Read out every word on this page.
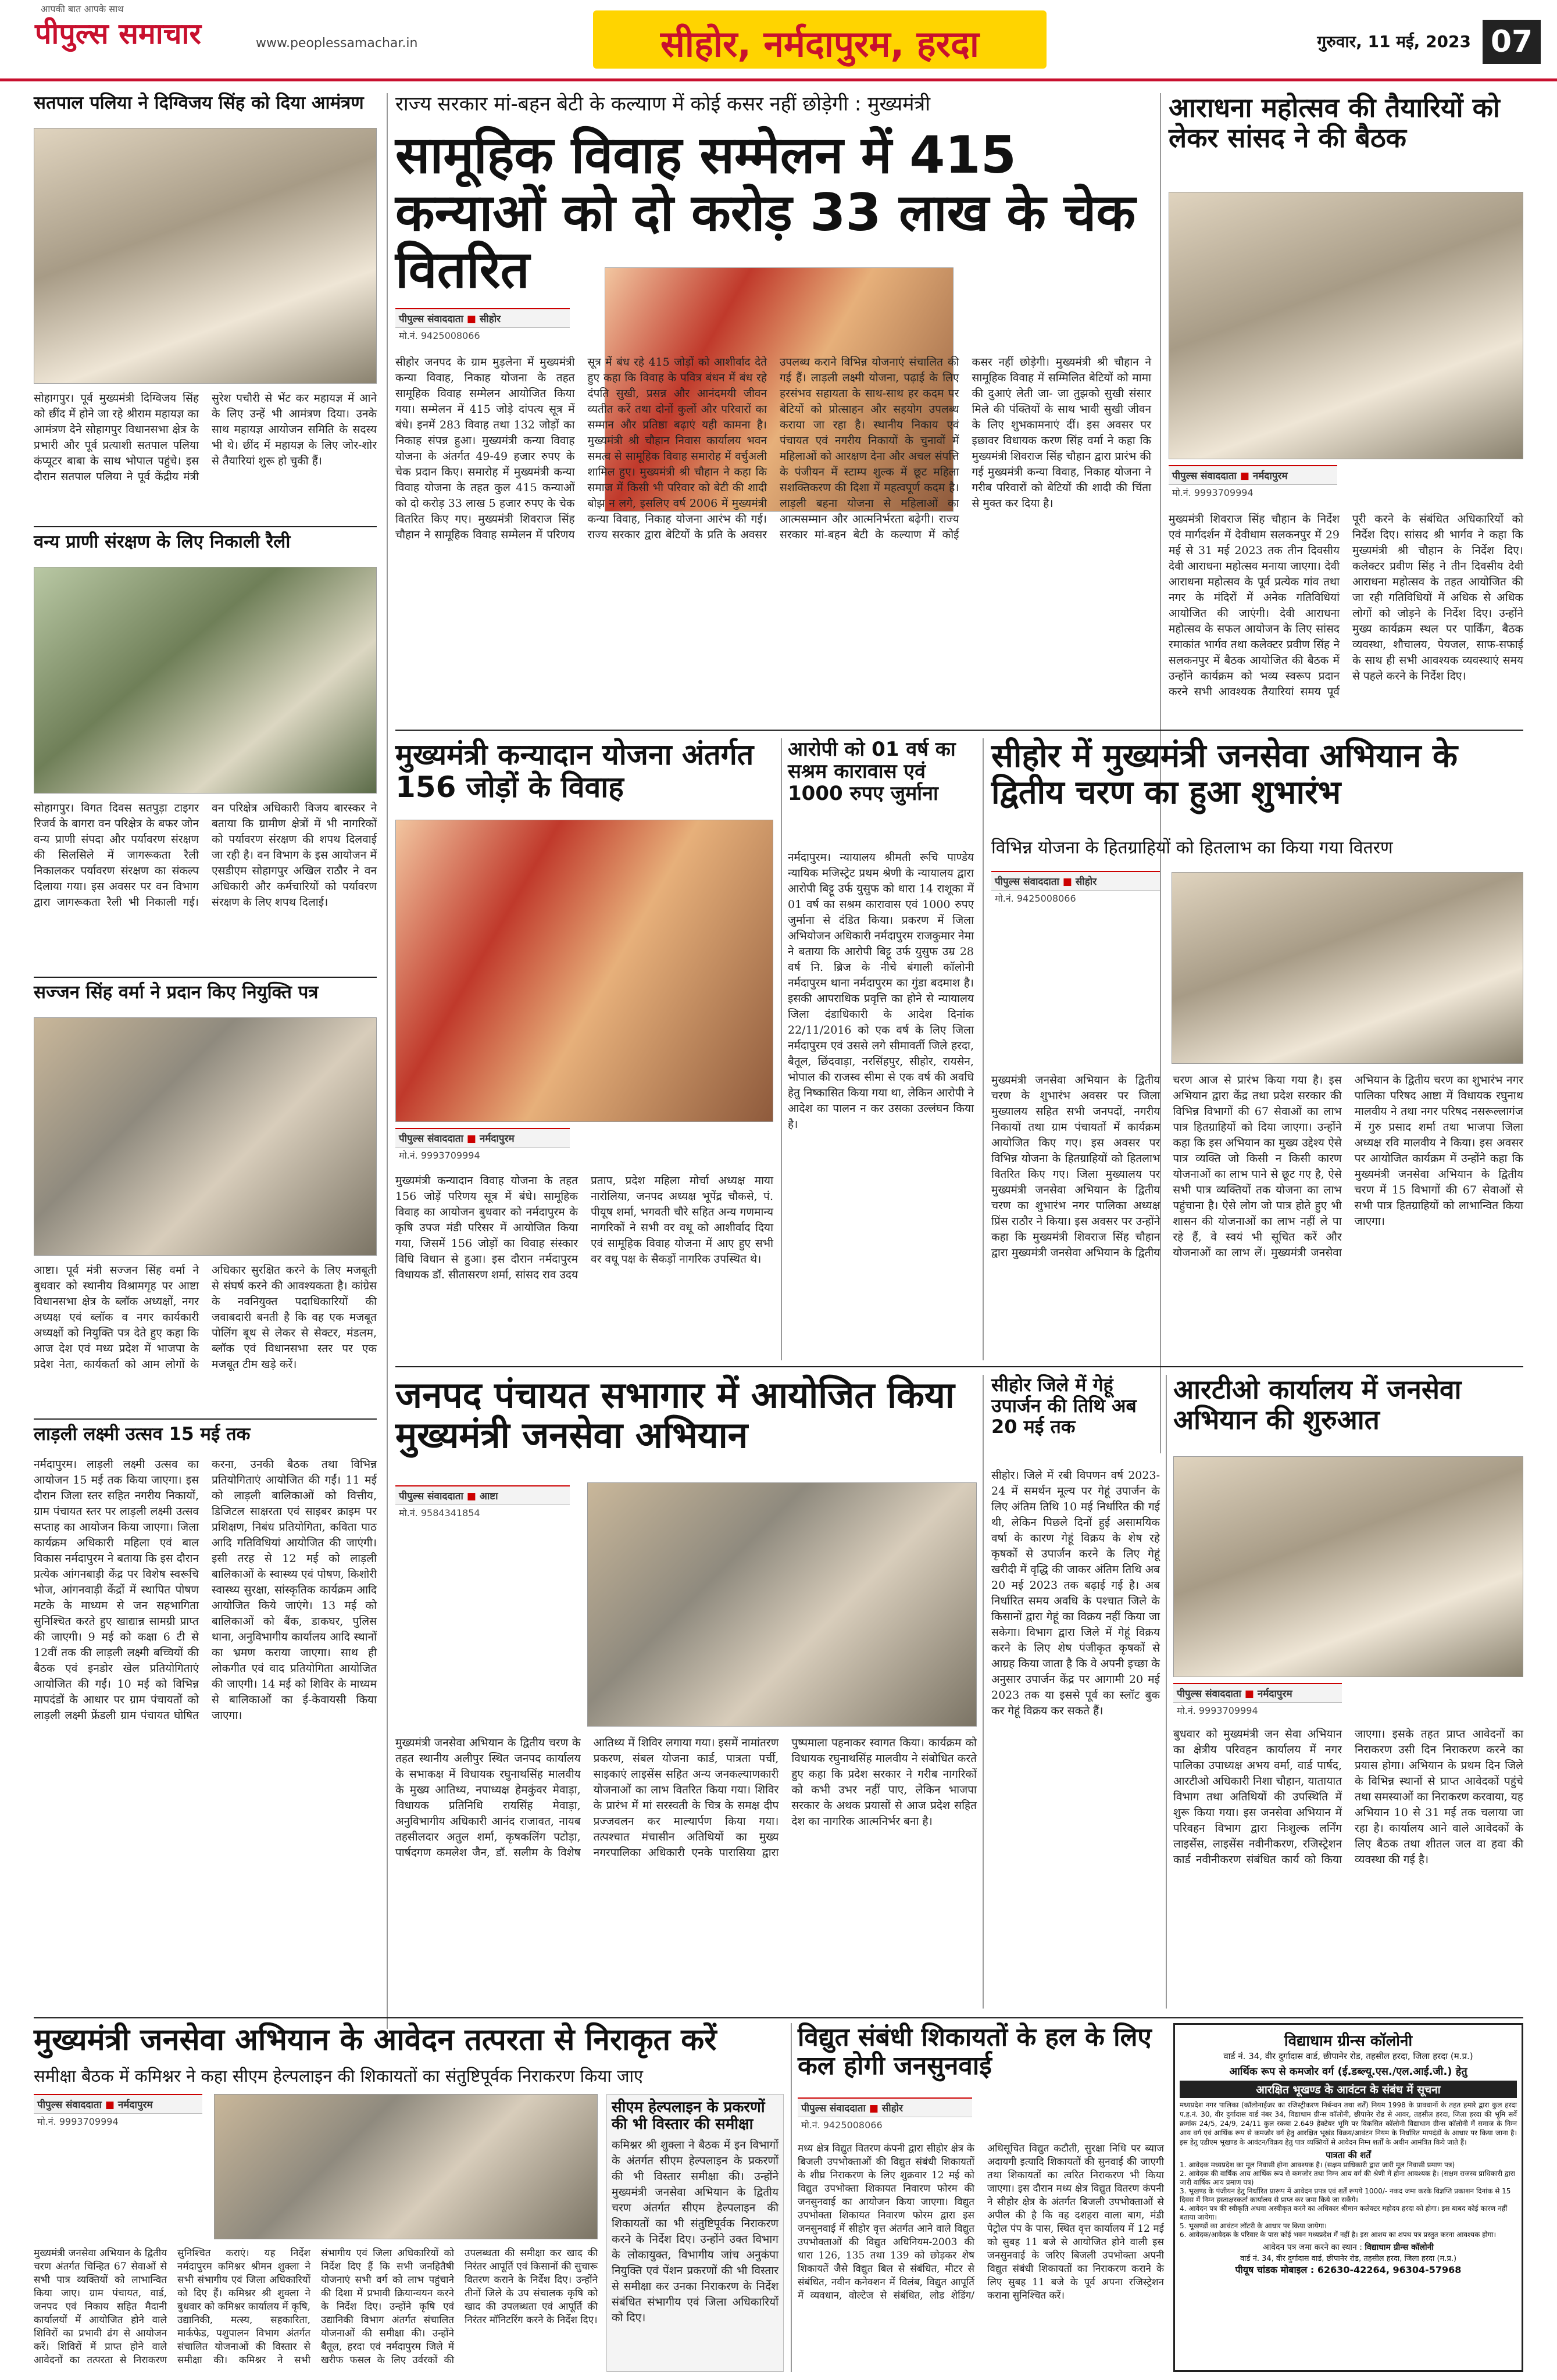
आपकी बात आपके साथ
पीपुल्स समाचार	www.peoplessamachar.in	सीहोर, नर्मदापुरम, हरदा	गुरुवार, 11 मई, 2023 07
सतपाल पलिया ने दिग्विजय सिंह को दिया आमंत्रण
सोहागपुर। पूर्व मुख्यमंत्री दिग्विजय सिंह को छींद में होने जा रहे श्रीराम महायज्ञ का आमंत्रण देने सोहागपुर विधानसभा क्षेत्र के प्रभारी और पूर्व प्रत्याशी सतपाल पलिया कंप्यूटर बाबा के साथ भोपाल पहुंचे। इस दौरान सतपाल पलिया ने पूर्व केंद्रीय मंत्री सुरेश पचौरी से भेंट कर महायज्ञ में आने के लिए उन्हें भी आमंत्रण दिया। उनके साथ महायज्ञ आयोजन समिति के सदस्य भी थे। छींद में महायज्ञ के लिए जोर-शोर से तैयारियां शुरू हो चुकी हैं।
वन्य प्राणी संरक्षण के लिए निकाली रैली
सोहागपुर। विगत दिवस सतपुड़ा टाइगर रिजर्व के बागरा वन परिक्षेत्र के बफर जोन वन्य प्राणी संपदा और पर्यावरण संरक्षण की सिलसिले में जागरूकता रैली निकालकर पर्यावरण संरक्षण का संकल्प दिलाया गया। इस अवसर पर वन विभाग द्वारा जागरूकता रैली भी निकाली गई। वन परिक्षेत्र अधिकारी विजय बारस्कर ने बताया कि ग्रामीण क्षेत्रों में भी नागरिकों को पर्यावरण संरक्षण की शपथ दिलवाई जा रही है। वन विभाग के इस आयोजन में एसडीएम सोहागपुर अखिल राठौर ने वन अधिकारी और कर्मचारियों को पर्यावरण संरक्षण के लिए शपथ दिलाई।
सज्जन सिंह वर्मा ने प्रदान किए नियुक्ति पत्र
आष्टा। पूर्व मंत्री सज्जन सिंह वर्मा ने बुधवार को स्थानीय विश्रामगृह पर आष्टा विधानसभा क्षेत्र के ब्लॉक अध्यक्षों, नगर अध्यक्ष एवं ब्लॉक व नगर कार्यकारी अध्यक्षों को नियुक्ति पत्र देते हुए कहा कि आज देश एवं मध्य प्रदेश में भाजपा के प्रदेश नेता, कार्यकर्ता को आम लोगों के अधिकार सुरक्षित करने के लिए मजबूती से संघर्ष करने की आवश्यकता है। कांग्रेस के नवनियुक्त पदाधिकारियों की जवाबदारी बनती है कि वह एक मजबूत पोलिंग बूथ से लेकर से सेक्टर, मंडलम, ब्लॉक एवं विधानसभा स्तर पर एक मजबूत टीम खड़े करें।
लाड़ली लक्ष्मी उत्सव 15 मई तक
नर्मदापुरम। लाड़ली लक्ष्मी उत्सव का आयोजन 15 मई तक किया जाएगा। इस दौरान जिला स्तर सहित नगरीय निकायों, ग्राम पंचायत स्तर पर लाड़ली लक्ष्मी उत्सव सप्ताह का आयोजन किया जाएगा। जिला कार्यक्रम अधिकारी महिला एवं बाल विकास नर्मदापुरम ने बताया कि इस दौरान प्रत्येक आंगनबाड़ी केंद्र पर विशेष स्वरूचि भोज, आंगनवाड़ी केंद्रों में स्थापित पोषण मटके के माध्यम से जन सहभागिता सुनिश्चित करते हुए खाद्यान्न सामग्री प्राप्त की जाएगी। 9 मई को कक्षा 6 टी से 12वीं तक की लाड़ली लक्ष्मी बच्चियों की बैठक एवं इनडोर खेल प्रतियोगिताएं आयोजित की गईं। 10 मई को विभिन्न मापदंडों के आधार पर ग्राम पंचायतों को लाड़ली लक्ष्मी फ्रेंडली ग्राम पंचायत घोषित करना, उनकी बैठक तथा विभिन्न प्रतियोगिताएं आयोजित की गईं। 11 मई को लाड़ली बालिकाओं को वित्तीय, डिजिटल साक्षरता एवं साइबर क्राइम पर प्रशिक्षण, निबंध प्रतियोगिता, कविता पाठ आदि गतिविधियां आयोजित की जाएंगी। इसी तरह से 12 मई को लाड़ली बालिकाओं के स्वास्थ्य एवं पोषण, किशोरी स्वास्थ्य सुरक्षा, सांस्कृतिक कार्यक्रम आदि आयोजित किये जाएंगे। 13 मई को बालिकाओं को बैंक, डाकघर, पुलिस थाना, अनुविभागीय कार्यालय आदि स्थानों का भ्रमण कराया जाएगा। साथ ही लोकगीत एवं वाद प्रतियोगिता आयोजित की जाएगी। 14 मई को शिविर के माध्यम से बालिकाओं का ई-केवायसी किया जाएगा।
राज्य सरकार मां-बहन बेटी के कल्याण में कोई कसर नहीं छोड़ेगी : मुख्यमंत्री
सामूहिक विवाह सम्मेलन में 415 कन्याओं को दो करोड़ 33 लाख के चेक वितरित
पीपुल्स संवाददाता ■ सीहोर
मो.नं. 9425008066
सीहोर जनपद के ग्राम मुड़लेना में मुख्यमंत्री कन्या विवाह, निकाह योजना के तहत सामूहिक विवाह सम्मेलन आयोजित किया गया। सम्मेलन में 415 जोड़े दांपत्य सूत्र में बंधे। इनमें 283 विवाह तथा 132 जोड़ों का निकाह संपन्न हुआ। मुख्यमंत्री कन्या विवाह योजना के अंतर्गत 49-49 हजार रुपए के चेक प्रदान किए। समारोह में मुख्यमंत्री कन्या विवाह योजना के तहत कुल 415 कन्याओं को दो करोड़ 33 लाख 5 हजार रुपए के चेक वितरित किए गए। मुख्यमंत्री शिवराज सिंह चौहान ने सामूहिक विवाह सम्मेलन में परिणय सूत्र में बंध रहे 415 जोड़ों को आशीर्वाद देते हुए कहा कि विवाह के पवित्र बंधन में बंध रहे दंपति सुखी, प्रसन्न और आनंदमयी जीवन व्यतीत करें तथा दोनों कुलों और परिवारों का सम्मान और प्रतिष्ठा बढ़ाएं यही कामना है। मुख्यमंत्री श्री चौहान निवास कार्यालय भवन समत्व से सामूहिक विवाह समारोह में वर्चुअली शामिल हुए। मुख्यमंत्री श्री चौहान ने कहा कि समाज में किसी भी परिवार को बेटी की शादी बोझ न लगे, इसलिए वर्ष 2006 में मुख्यमंत्री कन्या विवाह, निकाह योजना आरंभ की गई। राज्य सरकार द्वारा बेटियों के प्रति के अवसर उपलब्ध कराने विभिन्न योजनाएं संचालित की गई हैं। लाड़ली लक्ष्मी योजना, पढ़ाई के लिए हरसंभव सहायता के साथ-साथ हर कदम पर बेटियों को प्रोत्साहन और सहयोग उपलब्ध कराया जा रहा है। स्थानीय निकाय एवं पंचायत एवं नगरीय निकायों के चुनावों में महिलाओं को आरक्षण देना और अचल संपत्ति के पंजीयन में स्टाम्प शुल्क में छूट महिला सशक्तिकरण की दिशा में महत्वपूर्ण कदम है। लाड़ली बहना योजना से महिलाओं का आत्मसम्मान और आत्मनिर्भरता बढ़ेगी। राज्य सरकार मां-बहन बेटी के कल्याण में कोई कसर नहीं छोड़ेगी। मुख्यमंत्री श्री चौहान ने सामूहिक विवाह में सम्मिलित बेटियों को मामा की दुआएं लेती जा- जा तुझको सुखी संसार मिले की पंक्तियों के साथ भावी सुखी जीवन के लिए शुभकामनाएं दीं। इस अवसर पर इछावर विधायक करण सिंह वर्मा ने कहा कि मुख्यमंत्री शिवराज सिंह चौहान द्वारा प्रारंभ की गई मुख्यमंत्री कन्या विवाह, निकाह योजना ने गरीब परिवारों को बेटियों की शादी की चिंता से मुक्त कर दिया है।
आराधना महोत्सव की तैयारियों को लेकर सांसद ने की बैठक
पीपुल्स संवाददाता ■ नर्मदापुरम
मो.नं. 9993709994
मुख्यमंत्री शिवराज सिंह चौहान के निर्देश एवं मार्गदर्शन में देवीधाम सलकनपुर में 29 मई से 31 मई 2023 तक तीन दिवसीय देवी आराधना महोत्सव मनाया जाएगा। देवी आराधना महोत्सव के पूर्व प्रत्येक गांव तथा नगर के मंदिरों में अनेक गतिविधियां आयोजित की जाएंगी। देवी आराधना महोत्सव के सफल आयोजन के लिए सांसद रमाकांत भार्गव तथा कलेक्टर प्रवीण सिंह ने सलकनपुर में बैठक आयोजित की बैठक में उन्होंने कार्यक्रम को भव्य स्वरूप प्रदान करने सभी आवश्यक तैयारियां समय पूर्व पूरी करने के संबंधित अधिकारियों को निर्देश दिए। सांसद श्री भार्गव ने कहा कि मुख्यमंत्री श्री चौहान के निर्देश दिए। कलेक्टर प्रवीण सिंह ने तीन दिवसीय देवी आराधना महोत्सव के तहत आयोजित की जा रही गतिविधियों में अधिक से अधिक लोगों को जोड़ने के निर्देश दिए। उन्होंने मुख्य कार्यक्रम स्थल पर पार्किंग, बैठक व्यवस्था, शौचालय, पेयजल, साफ-सफाई के साथ ही सभी आवश्यक व्यवस्थाएं समय से पहले करने के निर्देश दिए।
मुख्यमंत्री कन्यादान योजना अंतर्गत 156 जोड़ों के विवाह
पीपुल्स संवाददाता ■ नर्मदापुरम
मो.नं. 9993709994
मुख्यमंत्री कन्यादान विवाह योजना के तहत 156 जोड़ें परिणय सूत्र में बंधे। सामूहिक विवाह का आयोजन बुधवार को नर्मदापुरम के कृषि उपज मंडी परिसर में आयोजित किया गया, जिसमें 156 जोड़ों का विवाह संस्कार विधि विधान से हुआ। इस दौरान नर्मदापुरम विधायक डॉ. सीतासरण शर्मा, सांसद राव उदय प्रताप, प्रदेश महिला मोर्चा अध्यक्ष माया नारोलिया, जनपद अध्यक्ष भूपेंद्र चौकसे, पं. पीयूष शर्मा, भगवती चौरे सहित अन्य गणमान्य नागरिकों ने सभी वर वधू को आशीर्वाद दिया एवं सामूहिक विवाह योजना में आए हुए सभी वर वधू पक्ष के सैकड़ों नागरिक उपस्थित थे।
आरोपी को 01 वर्ष का सश्रम कारावास एवं 1000 रुपए जुर्माना
नर्मदापुरम। न्यायालय श्रीमती रूचि पाण्डेय न्यायिक मजिस्ट्रेट प्रथम श्रेणी के न्यायालय द्वारा आरोपी बिट्टू उर्फ युसुफ को धारा 14 राशूका में 01 वर्ष का सश्रम कारावास एवं 1000 रुपए जुर्माना से दंडित किया। प्रकरण में जिला अभियोजन अधिकारी नर्मदापुरम राजकुमार नेमा ने बताया कि आरोपी बिट्टू उर्फ युसुफ उम्र 28 वर्ष नि. ब्रिज के नीचे बंगाली कॉलोनी नर्मदापुरम थाना नर्मदापुरम का गुंडा बदमाश है। इसकी आपराधिक प्रवृत्ति का होने से न्यायालय जिला दंडाधिकारी के आदेश दिनांक 22/11/2016 को एक वर्ष के लिए जिला नर्मदापुरम एवं उससे लगे सीमावर्ती जिले हरदा, बैतूल, छिंदवाड़ा, नरसिंहपुर, सीहोर, रायसेन, भोपाल की राजस्व सीमा से एक वर्ष की अवधि हेतु निष्कासित किया गया था, लेकिन आरोपी ने आदेश का पालन न कर उसका उल्लंघन किया है।
सीहोर में मुख्यमंत्री जनसेवा अभियान के द्वितीय चरण का हुआ शुभारंभ
विभिन्न योजना के हितग्राहियों को हितलाभ का किया गया वितरण
पीपुल्स संवाददाता ■ सीहोर
मो.नं. 9425008066
मुख्यमंत्री जनसेवा अभियान के द्वितीय चरण के शुभारंभ अवसर पर जिला मुख्यालय सहित सभी जनपदों, नगरीय निकायों तथा ग्राम पंचायतों में कार्यक्रम आयोजित किए गए। इस अवसर पर विभिन्न योजना के हितग्राहियों को हितलाभ वितरित किए गए। जिला मुख्यालय पर मुख्यमंत्री जनसेवा अभियान के द्वितीय चरण का शुभारंभ नगर पालिका अध्यक्ष प्रिंस राठौर ने किया। इस अवसर पर उन्होंने कहा कि मुख्यमंत्री शिवराज सिंह चौहान द्वारा मुख्यमंत्री जनसेवा अभियान के द्वितीय चरण आज से प्रारंभ किया गया है। इस अभियान द्वारा केंद्र तथा प्रदेश सरकार की विभिन्न विभागों की 67 सेवाओं का लाभ पात्र हितग्राहियों को दिया जाएगा। उन्होंने कहा कि इस अभियान का मुख्य उद्देश्य ऐसे पात्र व्यक्ति जो किसी न किसी कारण योजनाओं का लाभ पाने से छूट गए है, ऐसे सभी पात्र व्यक्तियों तक योजना का लाभ पहुंचाना है। ऐसे लोग जो पात्र होते हुए भी शासन की योजनाओं का लाभ नहीं ले पा रहे हैं, वे स्वयं भी सूचित करें और योजनाओं का लाभ लें। मुख्यमंत्री जनसेवा अभियान के द्वितीय चरण का शुभारंभ नगर पालिका परिषद आष्टा में विधायक रघुनाथ मालवीय ने तथा नगर परिषद नसरूल्लागंज में गुरु प्रसाद शर्मा तथा भाजपा जिला अध्यक्ष रवि मालवीय ने किया। इस अवसर पर आयोजित कार्यक्रम में उन्होंने कहा कि मुख्यमंत्री जनसेवा अभियान के द्वितीय चरण में 15 विभागों की 67 सेवाओं से सभी पात्र हितग्राहियों को लाभान्वित किया जाएगा।
जनपद पंचायत सभागार में आयोजित किया मुख्यमंत्री जनसेवा अभियान
पीपुल्स संवाददाता ■ आष्टा
मो.नं. 9584341854
मुख्यमंत्री जनसेवा अभियान के द्वितीय चरण के तहत स्थानीय अलीपुर स्थित जनपद कार्यालय के सभाकक्ष में विधायक रघुनाथसिंह मालवीय के मुख्य आतिथ्य, नपाध्यक्ष हेमकुंवर मेवाड़ा, विधायक प्रतिनिधि रायसिंह मेवाड़ा, अनुविभागीय अधिकारी आनंद राजावत, नायब तहसीलदार अतुल शर्मा, कृषकलिंग पटोड़ा, पार्षदगण कमलेश जैन, डॉ. सलीम के विशेष आतिथ्य में शिविर लगाया गया। इसमें नामांतरण प्रकरण, संबल योजना कार्ड, पात्रता पर्ची, साइकाएं लाइसेंस सहित अन्य जनकल्याणकारी योजनाओं का लाभ वितरित किया गया। शिविर के प्रारंभ में मां सरस्वती के चित्र के समक्ष दीप प्रज्जवलन कर माल्यार्पण किया गया। तत्पश्चात मंचासीन अतिथियों का मुख्य नगरपालिका अधिकारी एनके पारासिया द्वारा पुष्पमाला पहनाकर स्वागत किया। कार्यक्रम को विधायक रघुनाथसिंह मालवीय ने संबोधित करते हुए कहा कि प्रदेश सरकार ने गरीब नागरिकों को कभी उभर नहीं पाए, लेकिन भाजपा सरकार के अथक प्रयासों से आज प्रदेश सहित देश का नागरिक आत्मनिर्भर बना है।
सीहोर जिले में गेहूं उपार्जन की तिथि अब 20 मई तक
सीहोर। जिले में रबी विपणन वर्ष 2023-24 में समर्थन मूल्य पर गेहूं उपार्जन के लिए अंतिम तिथि 10 मई निर्धारित की गई थी, लेकिन पिछले दिनों हुई असामयिक वर्षा के कारण गेहूं विक्रय के शेष रहे कृषकों से उपार्जन करने के लिए गेहूं खरीदी में वृद्धि की जाकर अंतिम तिथि अब 20 मई 2023 तक बढ़ाई गई है। अब निर्धारित समय अवधि के पश्चात जिले के किसानों द्वारा गेहूं का विक्रय नहीं किया जा सकेगा। विभाग द्वारा जिले में गेहूं विक्रय करने के लिए शेष पंजीकृत कृषकों से आग्रह किया जाता है कि वे अपनी इच्छा के अनुसार उपार्जन केंद्र पर आगामी 20 मई 2023 तक या इससे पूर्व का स्लॉट बुक कर गेहूं विक्रय कर सकते हैं।
आरटीओ कार्यालय में जनसेवा अभियान की शुरुआत
पीपुल्स संवाददाता ■ नर्मदापुरम
मो.नं. 9993709994
बुधवार को मुख्यमंत्री जन सेवा अभियान का क्षेत्रीय परिवहन कार्यालय में नगर पालिका उपाध्यक्ष अभय वर्मा, वार्ड पार्षद, आरटीओ अधिकारी निशा चौहान, यातायात विभाग तथा अतिथियों की उपस्थिति में शुरू किया गया। इस जनसेवा अभियान में परिवहन विभाग द्वारा निःशुल्क लर्निंग लाइसेंस, लाइसेंस नवीनीकरण, रजिस्ट्रेशन कार्ड नवीनीकरण संबंधित कार्य को किया जाएगा। इसके तहत प्राप्त आवेदनों का निराकरण उसी दिन निराकरण करने का प्रयास होगा। अभियान के प्रथम दिन जिले के विभिन्न स्थानों से प्राप्त आवेदकों पहुंचे तथा समस्याओं का निराकरण करवाया, यह अभियान 10 से 31 मई तक चलाया जा रहा है। कार्यालय आने वाले आवेदकों के लिए बैठक तथा शीतल जल वा हवा की व्यवस्था की गई है।
मुख्यमंत्री जनसेवा अभियान के आवेदन तत्परता से निराकृत करें
समीक्षा बैठक में कमिश्नर ने कहा सीएम हेल्पलाइन की शिकायतों का संतुष्टिपूर्वक निराकरण किया जाए
पीपुल्स संवाददाता ■ नर्मदापुरम
मो.नं. 9993709994
सीएम हेल्पलाइन के प्रकरणों की भी विस्तार की समीक्षा
कमिश्नर श्री शुक्ला ने बैठक में इन विभागों के अंतर्गत सीएम हेल्पलाइन के प्रकरणों की भी विस्तार समीक्षा की। उन्होंने मुख्यमंत्री जनसेवा अभियान के द्वितीय चरण अंतर्गत सीएम हेल्पलाइन की शिकायतों का भी संतुष्टिपूर्वक निराकरण करने के निर्देश दिए। उन्होंने उक्त विभाग के लोकायुक्त, विभागीय जांच अनुकंपा नियुक्ति एवं पेंशन प्रकरणों की भी विस्तार से समीक्षा कर उनका निराकरण के निर्देश संबंधित संभागीय एवं जिला अधिकारियों को दिए।
मुख्यमंत्री जनसेवा अभियान के द्वितीय चरण अंतर्गत चिन्हित 67 सेवाओं से सभी पात्र व्यक्तियों को लाभान्वित किया जाए। ग्राम पंचायत, वार्ड, जनपद एवं निकाय सहित मैदानी कार्यालयों में आयोजित होने वाले शिविरों का प्रभावी ढंग से आयोजन करें। शिविरों में प्राप्त होने वाले आवेदनों का तत्परता से निराकरण सुनिश्चित कराएं। यह निर्देश नर्मदापुरम कमिश्नर श्रीमन शुक्ला ने सभी संभागीय एवं जिला अधिकारियों को दिए हैं। कमिश्नर श्री शुक्ला ने बुधवार को कमिश्नर कार्यालय में कृषि, उद्यानिकी, मत्स्य, सहकारिता, मार्कफेड, पशुपालन विभाग अंतर्गत संचालित योजनाओं की विस्तार से समीक्षा की। कमिश्नर ने सभी संभागीय एवं जिला अधिकारियों को निर्देश दिए हैं कि सभी जनहितैषी योजनाएं सभी वर्ग को लाभ पहुंचाने की दिशा में प्रभावी क्रियान्वयन करने के निर्देश दिए। उन्होंने कृषि एवं उद्यानिकी विभाग अंतर्गत संचालित योजनाओं की समीक्षा की। उन्होंने बैतूल, हरदा एवं नर्मदापुरम जिले में खरीफ फसल के लिए उर्वरकों की उपलब्धता की समीक्षा कर खाद की निरंतर आपूर्ति एवं किसानों की सुचारू वितरण कराने के निर्देश दिए। उन्होंने तीनों जिले के उप संचालक कृषि को खाद की उपलब्धता एवं आपूर्ति की निरंतर मॉनिटरिंग करने के निर्देश दिए।
विद्युत संबंधी शिकायतों के हल के लिए कल होगी जनसुनवाई
पीपुल्स संवाददाता ■ सीहोर
मो.नं. 9425008066
मध्य क्षेत्र विद्युत वितरण कंपनी द्वारा सीहोर क्षेत्र के बिजली उपभोक्ताओं की विद्युत संबंधी शिकायतों के शीघ्र निराकरण के लिए शुक्रवार 12 मई को विद्युत उपभोक्ता शिकायत निवारण फोरम की जनसुनवाई का आयोजन किया जाएगा। विद्युत उपभोक्ता शिकायत निवारण फोरम द्वारा इस जनसुनवाई में सीहोर वृत्त अंतर्गत आने वाले विद्युत उपभोक्ताओं की विद्युत अधिनियम-2003 की धारा 126, 135 तथा 139 को छोड़कर शेष शिकायतें जैसे विद्युत बिल से संबंधित, मीटर से संबंधित, नवीन कनेक्शन में विलंब, विद्युत आपूर्ति में व्यवधान, वोल्टेज से संबंधित, लोड शेडिंग/अधिसूचित विद्युत कटौती, सुरक्षा निधि पर ब्याज अदायगी इत्यादि शिकायतों की सुनवाई की जाएगी तथा शिकायतों का त्वरित निराकरण भी किया जाएगा। इस दौरान मध्य क्षेत्र विद्युत वितरण कंपनी ने सीहोर क्षेत्र के अंतर्गत बिजली उपभोक्ताओं से अपील की है कि वह दशहरा वाला बाग, मंडी पेट्रोल पंप के पास, स्थित वृत्त कार्यालय में 12 मई को सुबह 11 बजे से आयोजित होने वाली इस जनसुनवाई के जरिए बिजली उपभोक्ता अपनी विद्युत संबंधी शिकायतों का निराकरण कराने के लिए सुबह 11 बजे के पूर्व अपना रजिस्ट्रेशन कराना सुनिश्चित करें।
विद्याधाम ग्रीन्स कॉलोनी
वार्ड नं. 34, वीर दुर्गादास वार्ड, छीपानेर रोड, तहसील हरदा, जिला हरदा (म.प्र.)
आर्थिक रूप से कमजोर वर्ग (ई.डब्ल्यू.एस./एल.आई.जी.) हेतु
आरक्षित भूखण्ड के आवंटन के संबंध में सूचना
मध्यप्रदेश नगर पालिका (कॉलोनाईजर का रजिस्ट्रीकरण निर्बन्धन तथा शर्तें) नियम 1998 के प्रावधानों के तहत हमारे द्वारा कुल हरदा प.ह.नं. 30, वीर दुर्गादास वार्ड नंबर 34, विद्याधाम ग्रीन्स कॉलोनी, छीपानेर रोड से आवर, तहसील हरदा, जिला हरदा की भूमि सर्वे क्रमांक 24/5, 24/9, 24/11 कुल रकबा 2.649 हेक्टेयर भूमि पर विकसित कॉलोनी विद्याधाम ग्रीन्स कॉलोनी में समाज के निम्न आय वर्ग एवं आर्थिक रूप से कमजोर वर्ग हेतु आरक्षित भूखंड विक्रय/आवंटन नियम के निर्धारित मापदंडों के आधार पर किया जाना है। इस हेतु एडीएम भूखण्ड के आवंटन/विक्रय हेतु पात्र व्यक्तियों से आवेदन निम्न शर्तों के अधीन आमंत्रित किये जाते हैं।
पात्रता की शर्तें
1. आवेदक मध्यप्रदेश का मूल निवासी होना आवश्यक है। (सक्षम प्राधिकारी द्वारा जारी मूल निवासी प्रमाण पत्र)
2. आवेदक की वार्षिक आय आर्थिक रूप से कमजोर तथा निम्न आय वर्ग की श्रेणी में होना आवश्यक है। (सक्षम राजस्व प्राधिकारी द्वारा जारी वार्षिक आय प्रमाण पत्र)
3. भूखण्ड के पंजीयन हेतु निर्धारित प्रारूप में आवेदन प्रपत्र एवं शर्तें रूपये 1000/- नकद जमा करके विज्ञप्ति प्रकाशन दिनांक से 15 दिवस में निम्न हस्ताक्षरकर्ता कार्यालय से प्राप्त कर जमा किये जा सकेंगे।
4. आवेदन पत्र की स्वीकृति अथवा अस्वीकृत करने का अधिकार श्रीमान कलेक्टर महोदय हरदा को होगा। इस बाबद कोई कारण नहीं बताया जायेगा।
5. भूखण्डों का आवंटन लॉटरी के आधार पर किया जायेगा।
6. आवेदक/आवेदक के परिवार के पास कोई भवन मध्यप्रदेश में नहीं है। इस आशय का शपथ पत्र प्रस्तुत करना आवश्यक होगा।
आवेदन पत्र जमा करने का स्थान : विद्याधाम ग्रीन्स कॉलोनी
वार्ड नं. 34, वीर दुर्गादास वार्ड, छीपानेर रोड, तहसील हरदा, जिला हरदा (म.प्र.)
पीयूष चांडक मोबाइल : 62630-42264, 96304-57968
